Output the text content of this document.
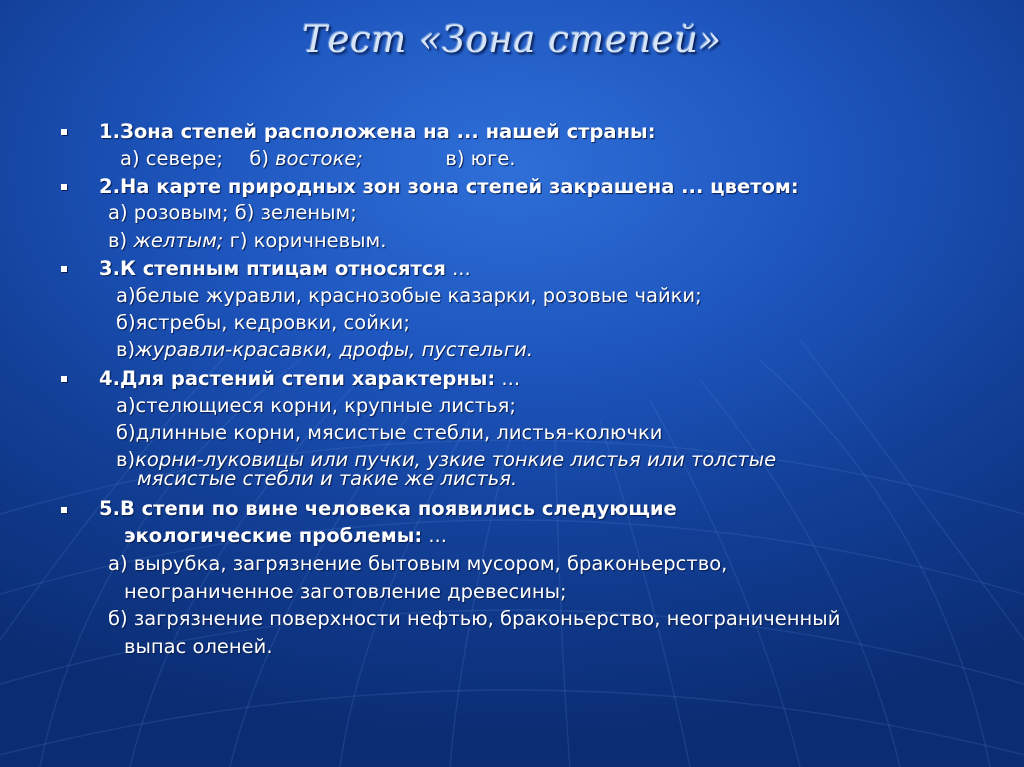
Тест «Зона степей»
1.Зона степей расположена на ... нашей страны:
а) севере; б) востоке;	в) юге.
2.На карте природных зон зона степей закрашена ... цветом:
а) розовым; б) зеленым;
в) желтым; г) коричневым.
3.К степным птицам относятся ...
а)белые журавли, краснозобые казарки, розовые чайки;
б)ястребы, кедровки, сойки;
в)журавли-красавки, дрофы, пустельги.
4.Для растений степи характерны: ...
а)стелющиеся корни, крупные листья;
б)длинные корни, мясистые стебли, листья-колючки
в)корни-луковицы или пучки, узкие тонкие листья или толстые
мясистые стебли и такие же листья.
5.В степи по вине человека появились следующие
экологические проблемы: ...
а) вырубка, загрязнение бытовым мусором, браконьерство,
неограниченное заготовление древесины;
б) загрязнение поверхности нефтью, браконьерство, неограниченный
выпас оленей.
